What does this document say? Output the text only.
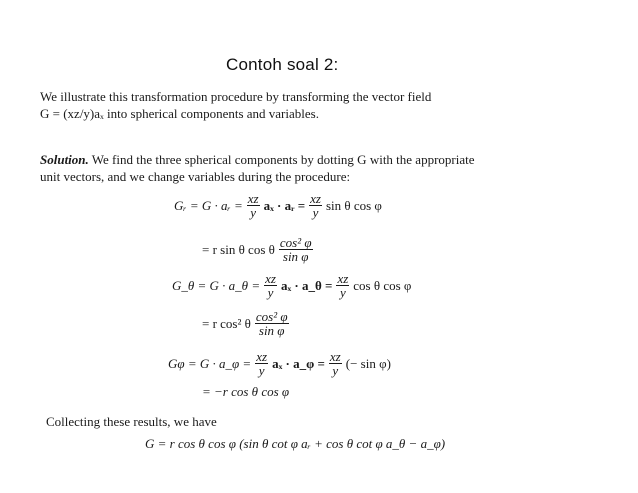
Contoh soal 2:
We illustrate this transformation procedure by transforming the vector field
G = (xz/y)aₓ into spherical components and variables.
Solution. We find the three spherical components by dotting G with the appropriate
unit vectors, and we change variables during the procedure:
Gᵣ = G · aᵣ = $\frac{xz}{y}$ aₓ · aᵣ = $\frac{xz}{y}$ sin θ cos φ
= r sin θ cos θ $\frac{\text{cos² φ}}{\text{sin φ}}$
G_θ = G · a_θ = $\frac{xz}{y}$ aₓ · a_θ = $\frac{xz}{y}$ cos θ cos φ
= r cos² θ $\frac{\text{cos² φ}}{\text{sin φ}}$
Gφ = G · a_φ = $\frac{xz}{y}$ aₓ · a_φ = $\frac{xz}{y}$ (− sin φ)
= −r cos θ cos φ
Collecting these results, we have
G = r cos θ cos φ (sin θ cot φ aᵣ + cos θ cot φ a_θ − a_φ)
